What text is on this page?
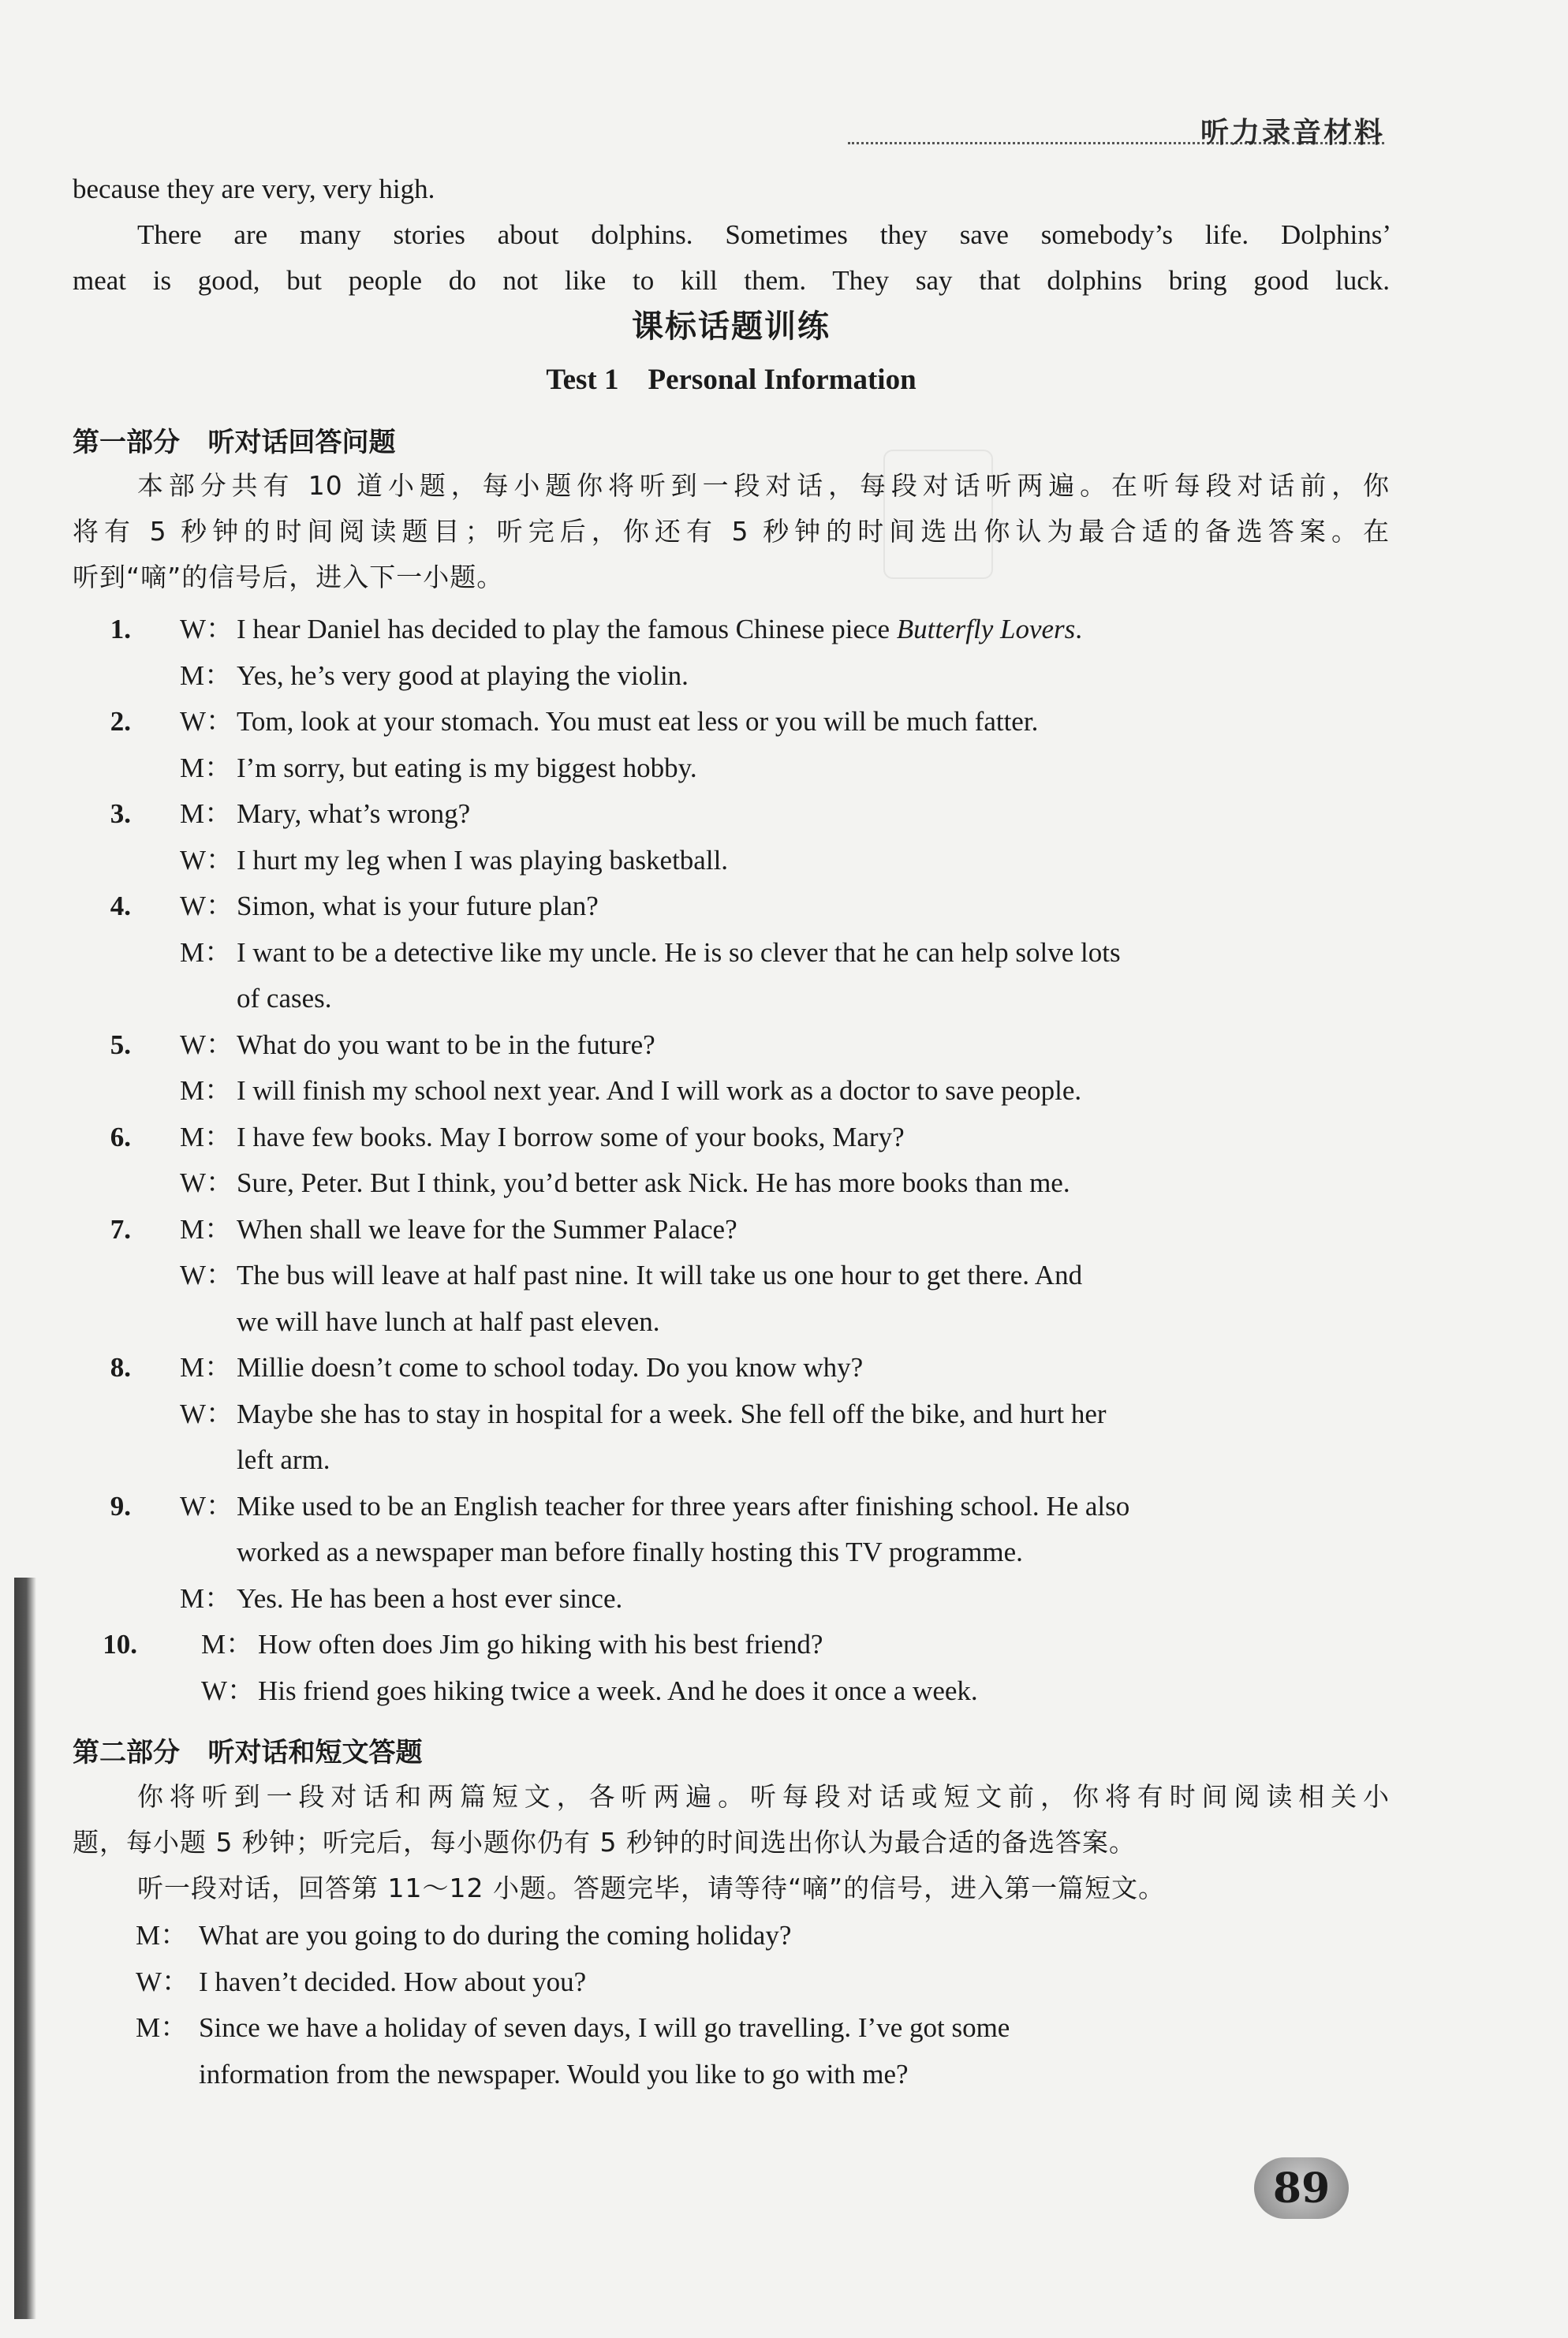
听力录音材料
because they are very, very high.
There are many stories about dolphins. Sometimes they save somebody’s life. Dolphins’
meat is good, but people do not like to kill them. They say that dolphins bring good luck.
课标话题训练
Test 1    Personal Information
第一部分   听对话回答问题
本部分共有 10 道小题，每小题你将听到一段对话，每段对话听两遍。在听每段对话前，你
将有 5 秒钟的时间阅读题目；听完后，你还有 5 秒钟的时间选出你认为最合适的备选答案。在
听到“嘀”的信号后，进入下一小题。
1. W： I hear Daniel has decided to play the famous Chinese piece Butterfly Lovers.
M： Yes, he’s very good at playing the violin.
2. W： Tom, look at your stomach. You must eat less or you will be much fatter.
M： I’m sorry, but eating is my biggest hobby.
3. M： Mary, what’s wrong?
W： I hurt my leg when I was playing basketball.
4. W： Simon, what is your future plan?
M： I want to be a detective like my uncle. He is so clever that he can help solve lots
of cases.
5. W： What do you want to be in the future?
M： I will finish my school next year. And I will work as a doctor to save people.
6. M： I have few books. May I borrow some of your books, Mary?
W： Sure, Peter. But I think, you’d better ask Nick. He has more books than me.
7. M： When shall we leave for the Summer Palace?
W： The bus will leave at half past nine. It will take us one hour to get there. And
we will have lunch at half past eleven.
8. M： Millie doesn’t come to school today. Do you know why?
W： Maybe she has to stay in hospital for a week. She fell off the bike, and hurt her
left arm.
9. W： Mike used to be an English teacher for three years after finishing school. He also
worked as a newspaper man before finally hosting this TV programme.
M： Yes. He has been a host ever since.
10. M： How often does Jim go hiking with his best friend?
W： His friend goes hiking twice a week. And he does it once a week.
第二部分   听对话和短文答题
你将听到一段对话和两篇短文，各听两遍。听每段对话或短文前，你将有时间阅读相关小
题，每小题 5 秒钟；听完后，每小题你仍有 5 秒钟的时间选出你认为最合适的备选答案。
听一段对话，回答第 11～12 小题。答题完毕，请等待“嘀”的信号，进入第一篇短文。
M： What are you going to do during the coming holiday?
W： I haven’t decided. How about you?
M： Since we have a holiday of seven days, I will go travelling. I’ve got some
information from the newspaper. Would you like to go with me?
89
